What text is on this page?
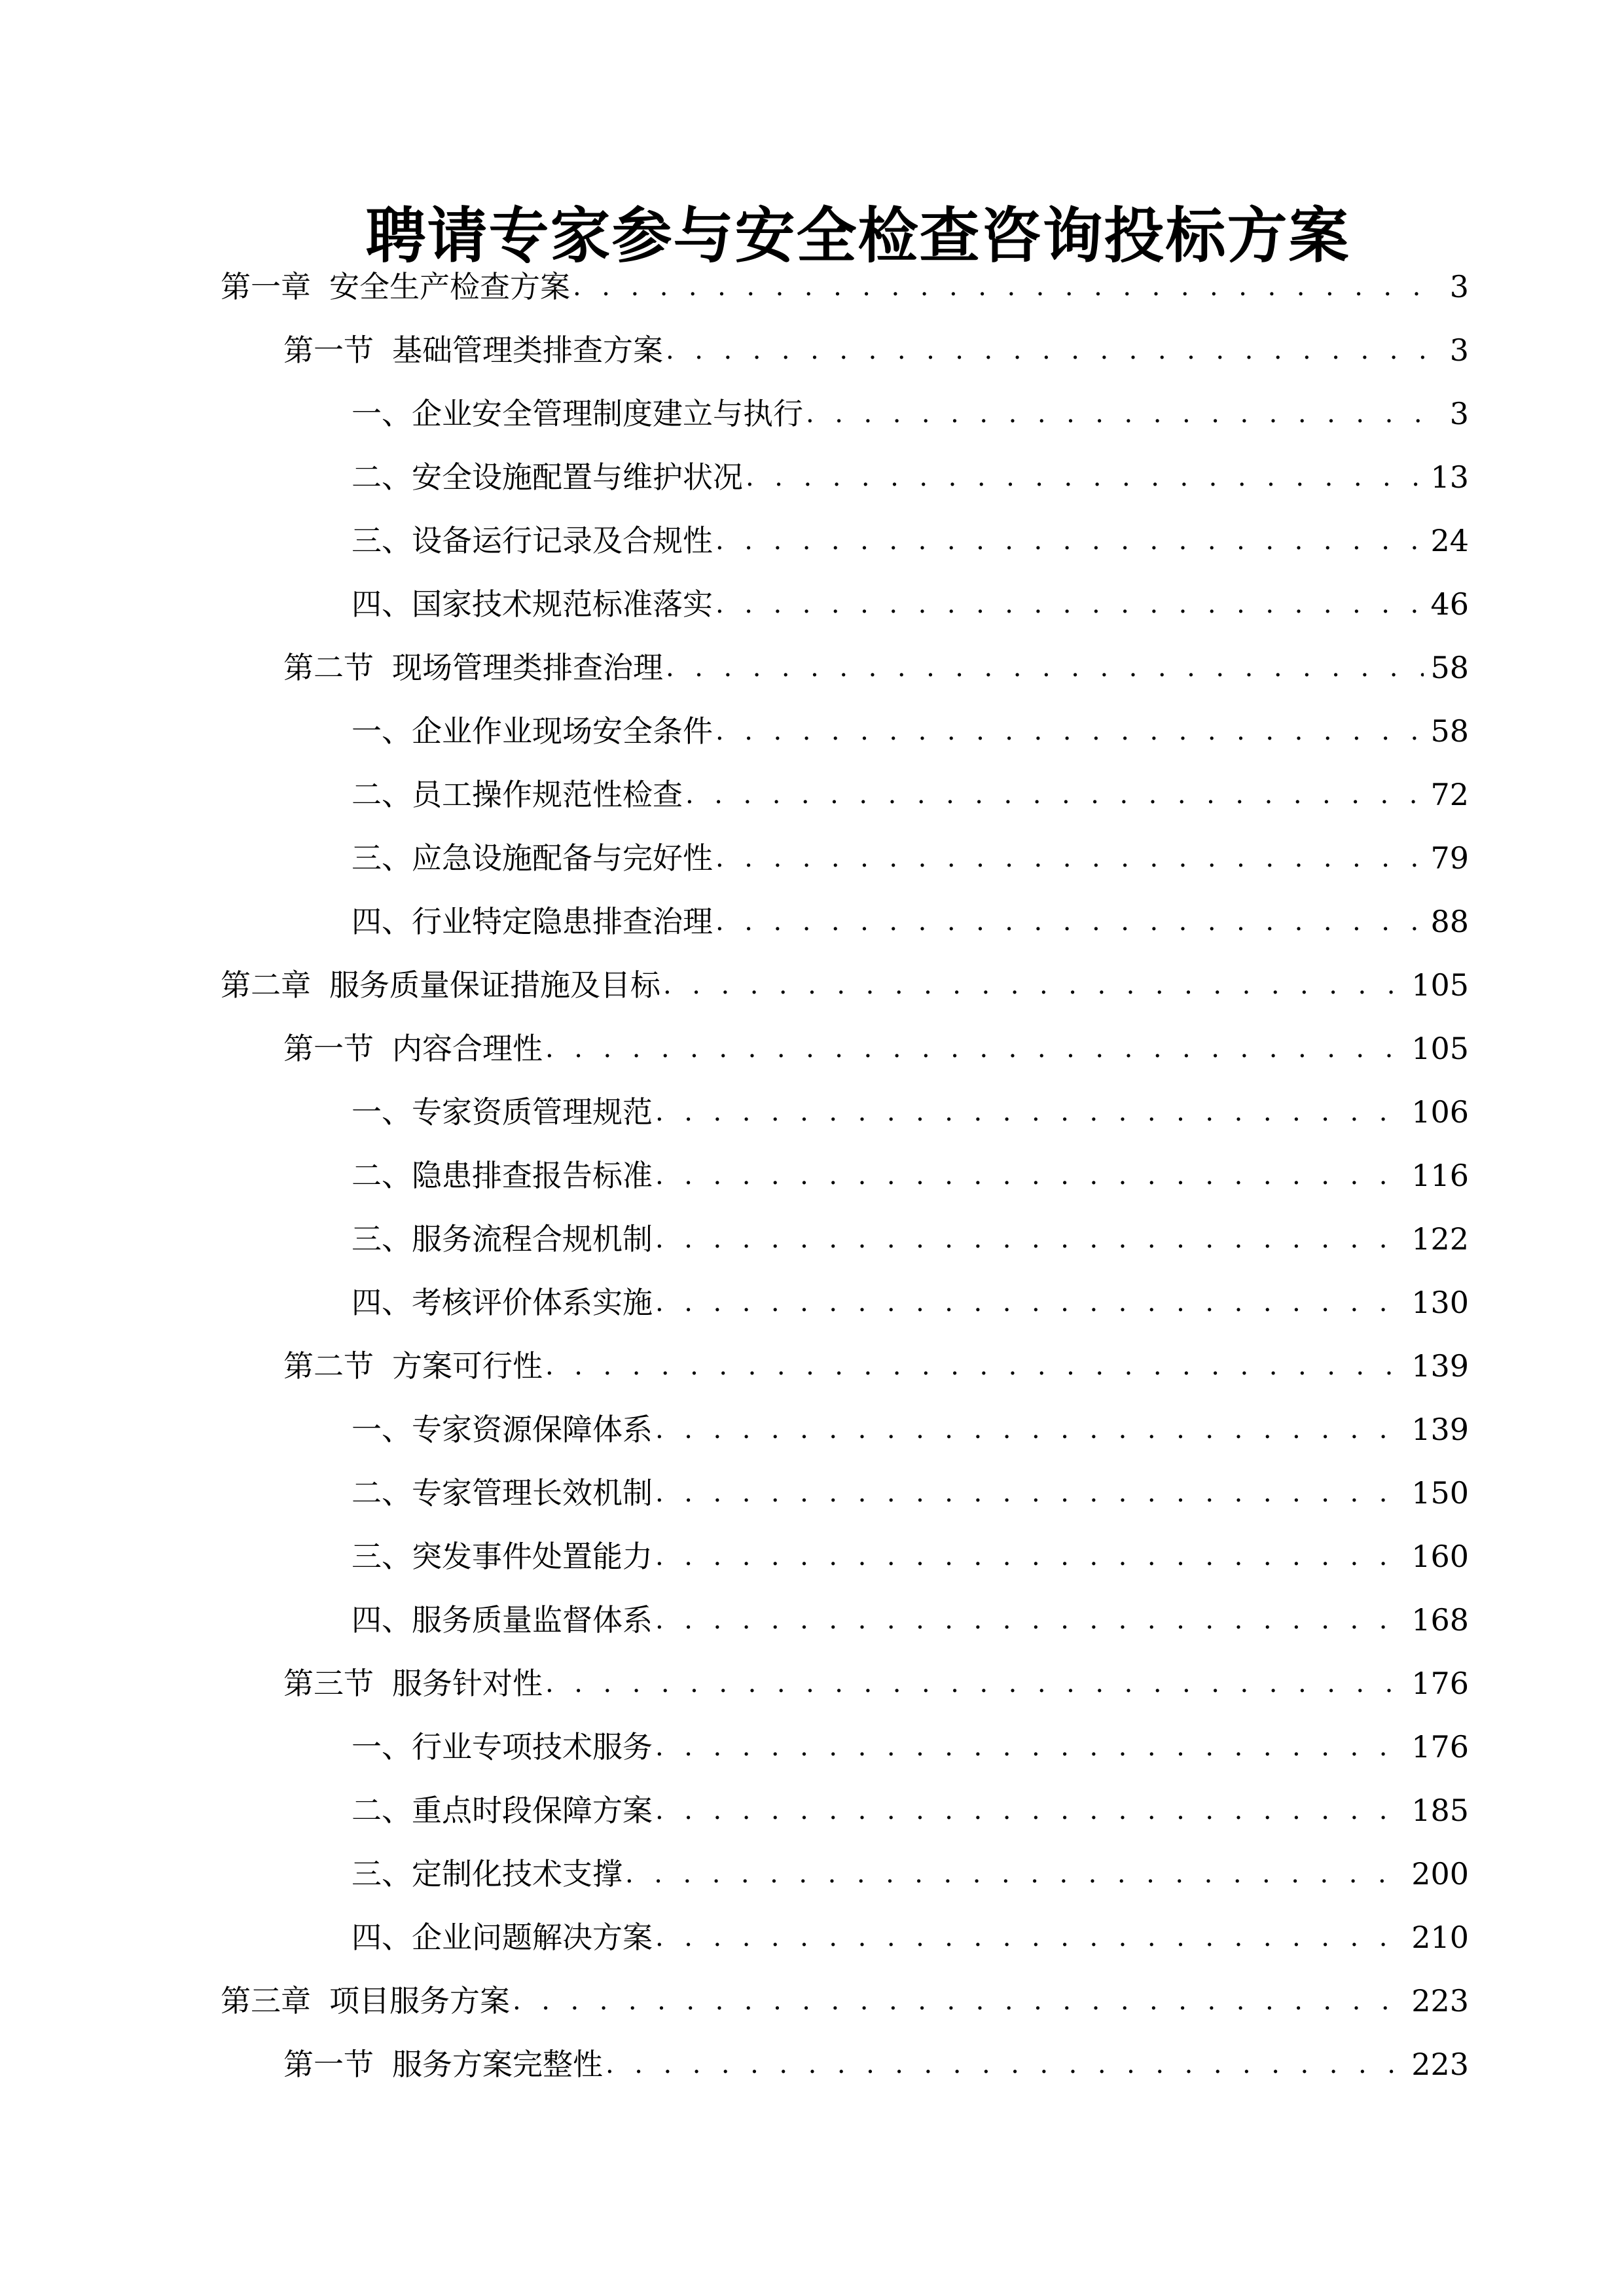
聘请专家参与安全检查咨询投标方案
第一章 安全生产检查方案 . . .	3
第一节 基础管理类排查方案 . . .	3
一、 企业安全管理制度建立与执行 . . .	3
二、 安全设施配置与维护状况 . . .	13
三、 设备运行记录及合规性 . . .	24
四、 国家技术规范标准落实 . . .	46
第二节 现场管理类排查治理 . . .	58
一、 企业作业现场安全条件 . . .	58
二、 员工操作规范性检查 . . .	72
三、 应急设施配备与完好性 . . .	79
四、 行业特定隐患排查治理 . . .	88
第二章 服务质量保证措施及目标 . . .	105
第一节 内容合理性 . . .	105
一、 专家资质管理规范 . . .	106
二、 隐患排查报告标准 . . .	116
三、 服务流程合规机制 . . .	122
四、 考核评价体系实施 . . .	130
第二节 方案可行性 . . .	139
一、 专家资源保障体系 . . .	139
二、 专家管理长效机制 . . .	150
三、 突发事件处置能力 . . .	160
四、 服务质量监督体系 . . .	168
第三节 服务针对性 . . .	176
一、 行业专项技术服务 . . .	176
二、 重点时段保障方案 . . .	185
三、 定制化技术支撑 . . .	200
四、 企业问题解决方案 . . .	210
第三章 项目服务方案 . . .	223
第一节 服务方案完整性 . . .	223
